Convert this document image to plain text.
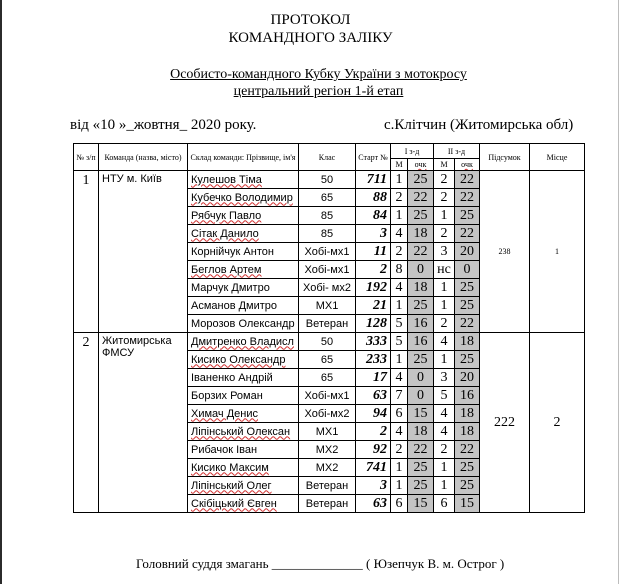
ПРОТОКОЛ
КОМАНДНОГО ЗАЛІКУ
Особисто-командного Кубку України з мотокросу
центральний регіон 1-й етап
від «10 »_жовтня_ 2020 року.	с.Клітчин (Житомирська обл)
№ з/п	Команда (назва, місто)	Склад команди: Прізвище, ім'я	Клас	Старт №	I з-д		II з-д		Підсумок	Місце
					М	очк	М	очк		
1	НТУ м. Київ	Кулешов Тіма	50	711	1	25	2	22	238	1
		Кубечко Володимир	65	88	2	22	2	22		
		Рябчук Павло	85	84	1	25	1	25		
		Сітак Данило	85	3	4	18	2	22		
		Корнійчук Антон	Хобі-мх1	11	2	22	3	20		
		Беглов Артем	Хобі-мх1	2	8	0	нс	0		
		Марчук Дмитро	Хобі- мх2	192	4	18	1	25		
		Асманов Дмитро	МХ1	21	1	25	1	25		
		Морозов Олександр	Ветеран	128	5	16	2	22		
2	Житомирська ФМСУ	Дмитренко Владисл	50	333	5	16	4	18	222	2
		Кисико Олександр	65	233	1	25	1	25		
		Іваненко Андрій	65	17	4	0	3	20		
		Борзих Роман	Хобі-мх1	63	7	0	5	16		
		Химач Денис	Хобі-мх2	94	6	15	4	18		
		Ліпінський Олексан	МХ1	2	4	18	4	18		
		Рибачок Іван	МХ2	92	2	22	2	22		
		Кисико Максим	МХ2	741	1	25	1	25		
		Ліпінський Олег	Ветеран	3	1	25	1	25		
		Скібіцький Євген	Ветеран	63	6	15	6	15		
Головний суддя змагань ______________ ( Юзепчук В. м. Острог )
